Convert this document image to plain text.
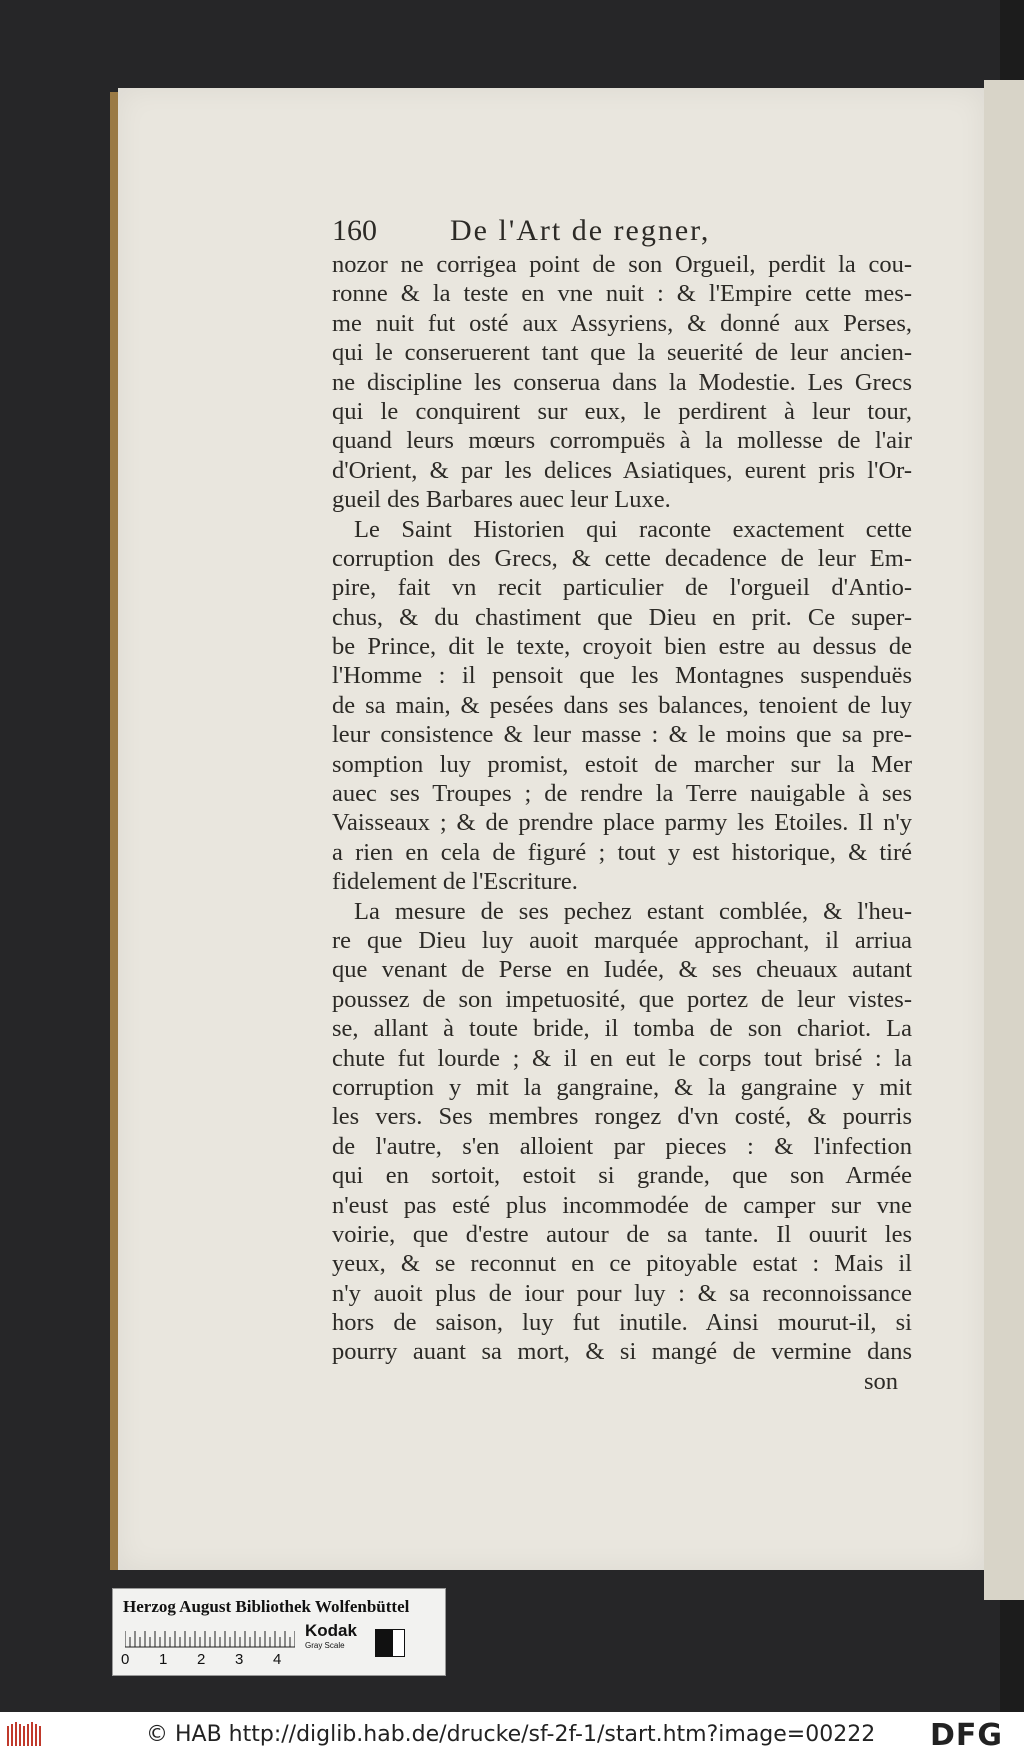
160 De l'Art de regner,
nozor ne corrigea point de son Orgueil, perdit la cou-
ronne & la teste en vne nuit : & l'Empire cette mes-
me nuit fut osté aux Assyriens, & donné aux Perses,
qui le conseruerent tant que la seuerité de leur ancien-
ne discipline les conserua dans la Modestie. Les Grecs
qui le conquirent sur eux, le perdirent à leur tour,
quand leurs mœurs corrompuës à la mollesse de l'air
d'Orient, & par les delices Asiatiques, eurent pris l'Or-
gueil des Barbares auec leur Luxe.
Le Saint Historien qui raconte exactement cette
corruption des Grecs, & cette decadence de leur Em-
pire, fait vn recit particulier de l'orgueil d'Antio-
chus, & du chastiment que Dieu en prit. Ce super-
be Prince, dit le texte, croyoit bien estre au dessus de
l'Homme : il pensoit que les Montagnes suspenduës
de sa main, & pesées dans ses balances, tenoient de luy
leur consistence & leur masse : & le moins que sa pre-
somption luy promist, estoit de marcher sur la Mer
auec ses Troupes ; de rendre la Terre nauigable à ses
Vaisseaux ; & de prendre place parmy les Etoiles. Il n'y
a rien en cela de figuré ; tout y est historique, & tiré
fidelement de l'Escriture.
La mesure de ses pechez estant comblée, & l'heu-
re que Dieu luy auoit marquée approchant, il arriua
que venant de Perse en Iudée, & ses cheuaux autant
poussez de son impetuosité, que portez de leur vistes-
se, allant à toute bride, il tomba de son chariot. La
chute fut lourde ; & il en eut le corps tout brisé : la
corruption y mit la gangraine, & la gangraine y mit
les vers. Ses membres rongez d'vn costé, & pourris
de l'autre, s'en alloient par pieces : & l'infection
qui en sortoit, estoit si grande, que son Armée
n'eust pas esté plus incommodée de camper sur vne
voirie, que d'estre autour de sa tante. Il ouurit les
yeux, & se reconnut en ce pitoyable estat : Mais il
n'y auoit plus de iour pour luy : & sa reconnoissance
hors de saison, luy fut inutile. Ainsi mourut-il, si
pourry auant sa mort, & si mangé de vermine dans
son
Herzog August Bibliothek Wolfenbüttel
0 1 2 3 4
Kodak
Gray Scale
© HAB http://diglib.hab.de/drucke/sf-2f-1/start.htm?image=00222 DFG
